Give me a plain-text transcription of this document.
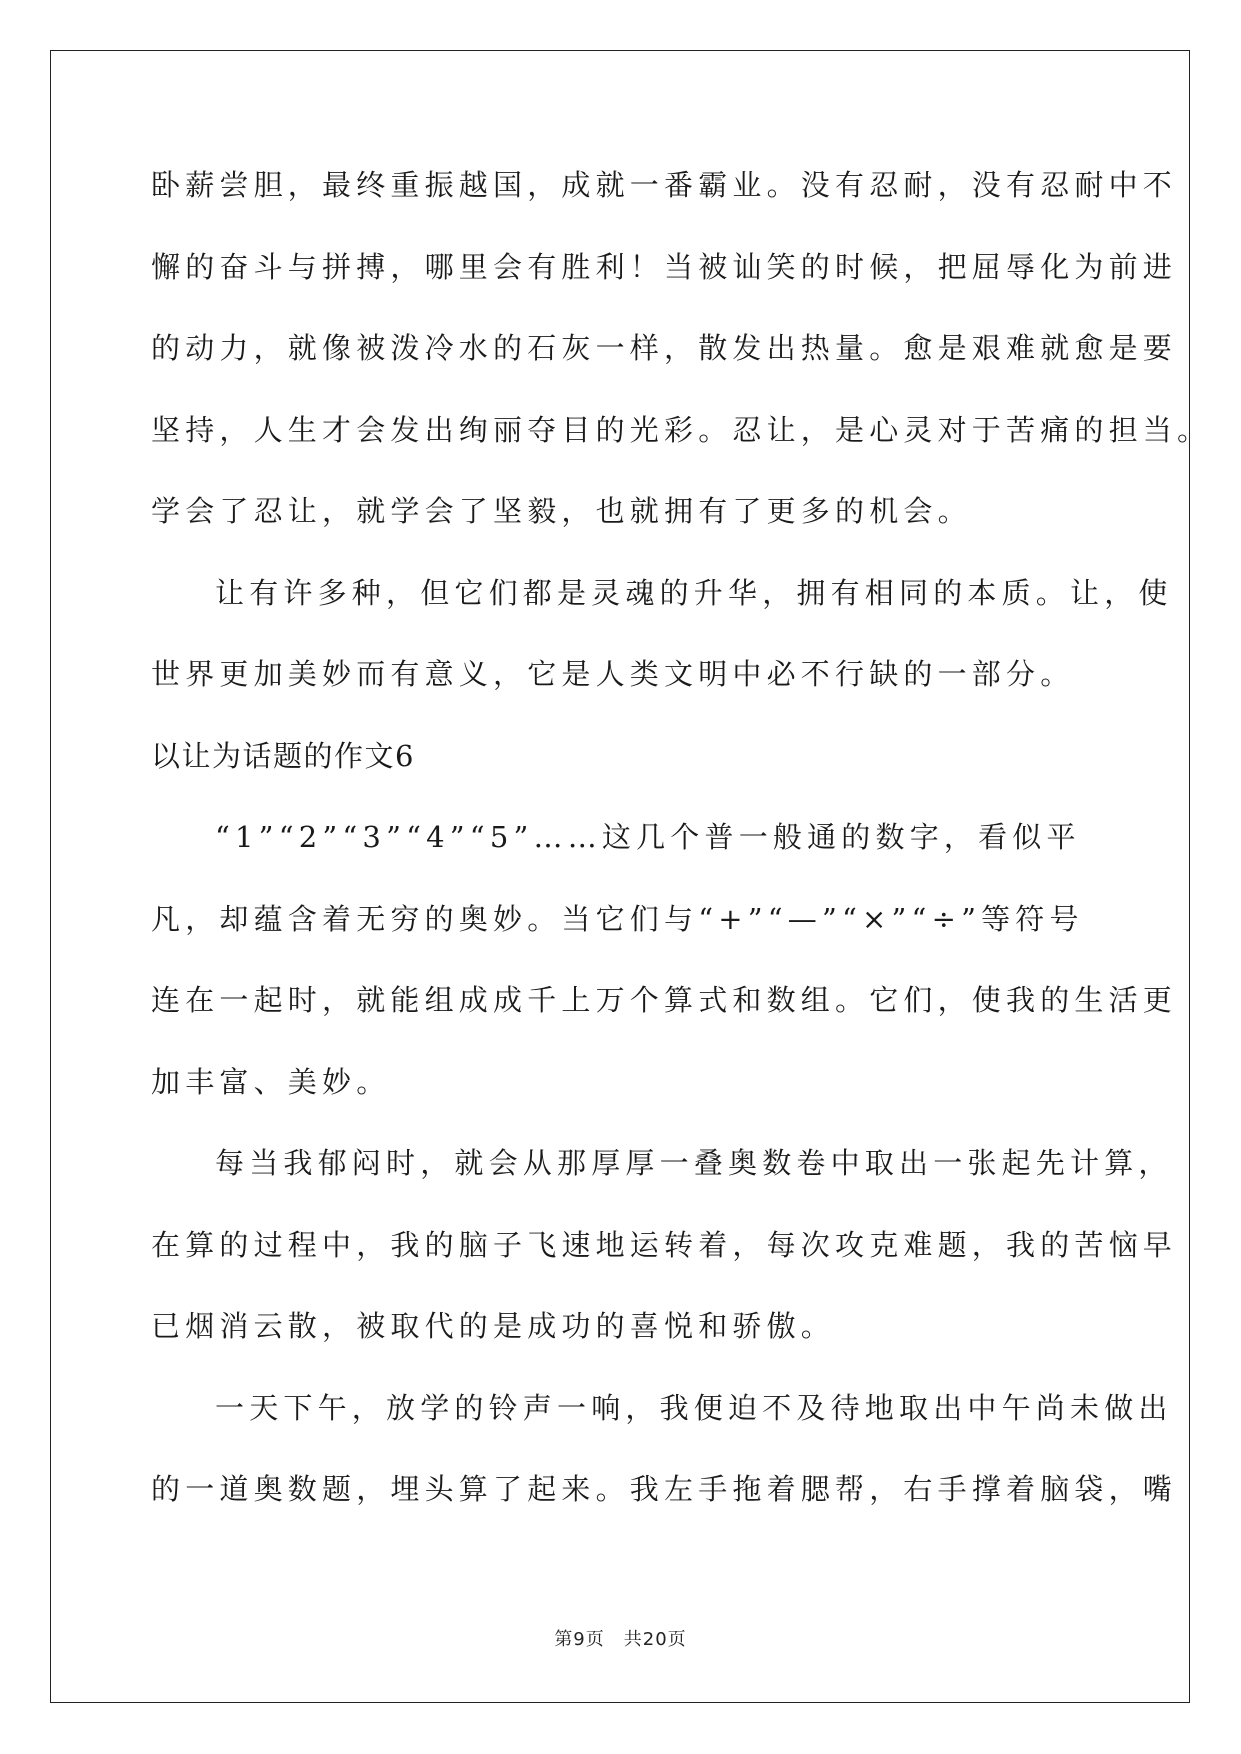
卧薪尝胆，最终重振越国，成就一番霸业。没有忍耐，没有忍耐中不
懈的奋斗与拼搏，哪里会有胜利！当被讪笑的时候，把屈辱化为前进
的动力，就像被泼冷水的石灰一样，散发出热量。愈是艰难就愈是要
坚持，人生才会发出绚丽夺目的光彩。忍让，是心灵对于苦痛的担当。
学会了忍让，就学会了坚毅，也就拥有了更多的机会。
让有许多种，但它们都是灵魂的升华，拥有相同的本质。让，使
世界更加美妙而有意义，它是人类文明中必不行缺的一部分。
以让为话题的作文6
“1”“2”“3”“4”“5”……这几个普一般通的数字，看似平
凡，却蕴含着无穷的奥妙。当它们与“+”“—”“×”“÷”等符号
连在一起时，就能组成成千上万个算式和数组。它们，使我的生活更
加丰富、美妙。
每当我郁闷时，就会从那厚厚一叠奥数卷中取出一张起先计算，
在算的过程中，我的脑子飞速地运转着，每次攻克难题，我的苦恼早
已烟消云散，被取代的是成功的喜悦和骄傲。
一天下午，放学的铃声一响，我便迫不及待地取出中午尚未做出
的一道奥数题，埋头算了起来。我左手拖着腮帮，右手撑着脑袋，嘴
第9页　共20页
